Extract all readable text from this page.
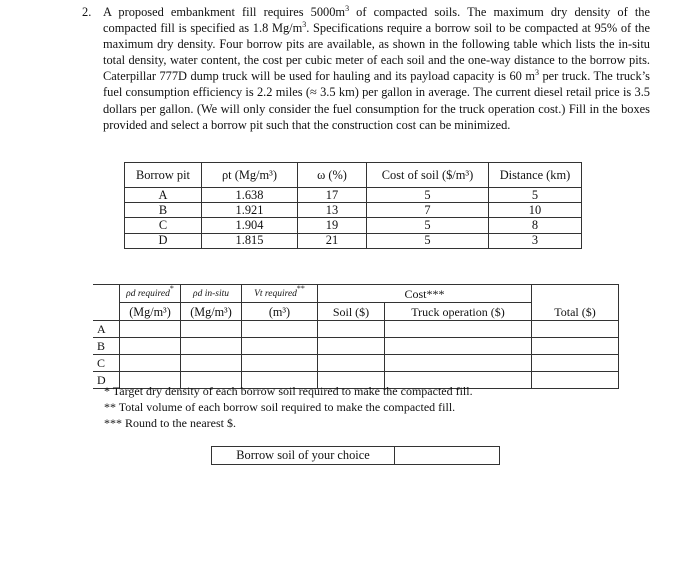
2. A proposed embankment fill requires $5000m^3$ of compacted soils. The maximum dry density of the compacted fill is specified as 1.8 $Mg/m^3$. Specifications require a borrow soil to be compacted at 95% of the maximum dry density. Four borrow pits are available, as shown in the following table which lists the in-situ total density, water content, the cost per cubic meter of each soil and the one-way distance to the borrow pits. Caterpillar 777D dump truck will be used for hauling and its payload capacity is 60 $m^3$ per truck. The truck’s fuel consumption efficiency is 2.2 miles (≈ 3.5 km) per gallon in average. The current diesel retail price is 3.5 dollars per gallon. (We will only consider the fuel consumption for the truck operation cost.) Fill in the boxes provided and select a borrow pit such that the construction cost can be minimized.
Borrow pit	ρt (Mg/m³)	ω (%)	Cost of soil ($/m³)	Distance (km)
A	1.638	17	5	5
B	1.921	13	7	10
C	1.904	19	5	8
D	1.815	21	5	3
	ρd required*	ρd in-situ	Vt required**	Cost***		Total ($)
	(Mg/m³)	(Mg/m³)	(m³)	Soil ($)	Truck operation ($)	
A						
B						
C						
D						
* Target dry density of each borrow soil required to make the compacted fill.
** Total volume of each borrow soil required to make the compacted fill.
*** Round to the nearest $.
Borrow soil of your choice
